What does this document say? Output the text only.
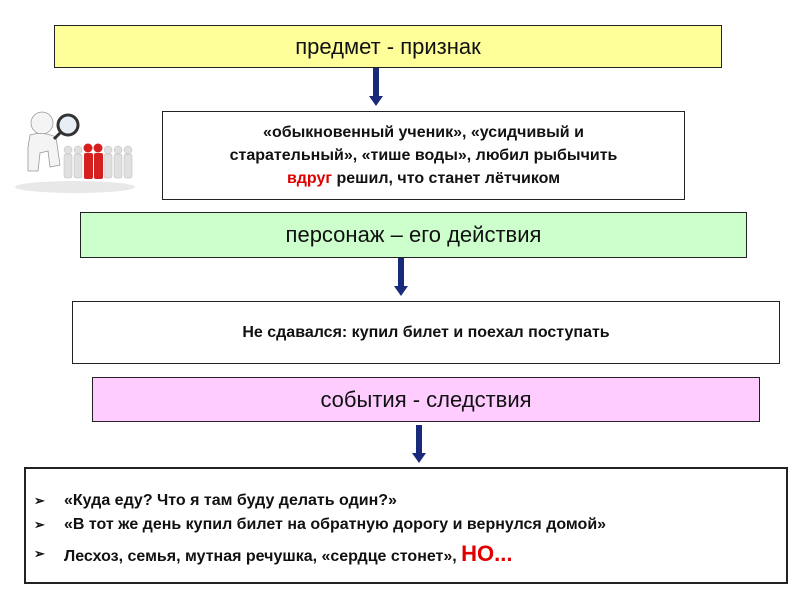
предмет - признак
«обыкновенный ученик», «усидчивый и
старательный», «тише воды», любил рыбычить
вдруг решил, что станет лётчиком
персонаж – его действия
Не сдавался: купил билет и поехал поступать
события - следствия
➢ «Куда еду? Что я там буду делать один?»
➢ «В тот же день купил билет на обратную дорогу и вернулся домой»
➢ Лесхоз, семья, мутная речушка, «сердце стонет», НО...
